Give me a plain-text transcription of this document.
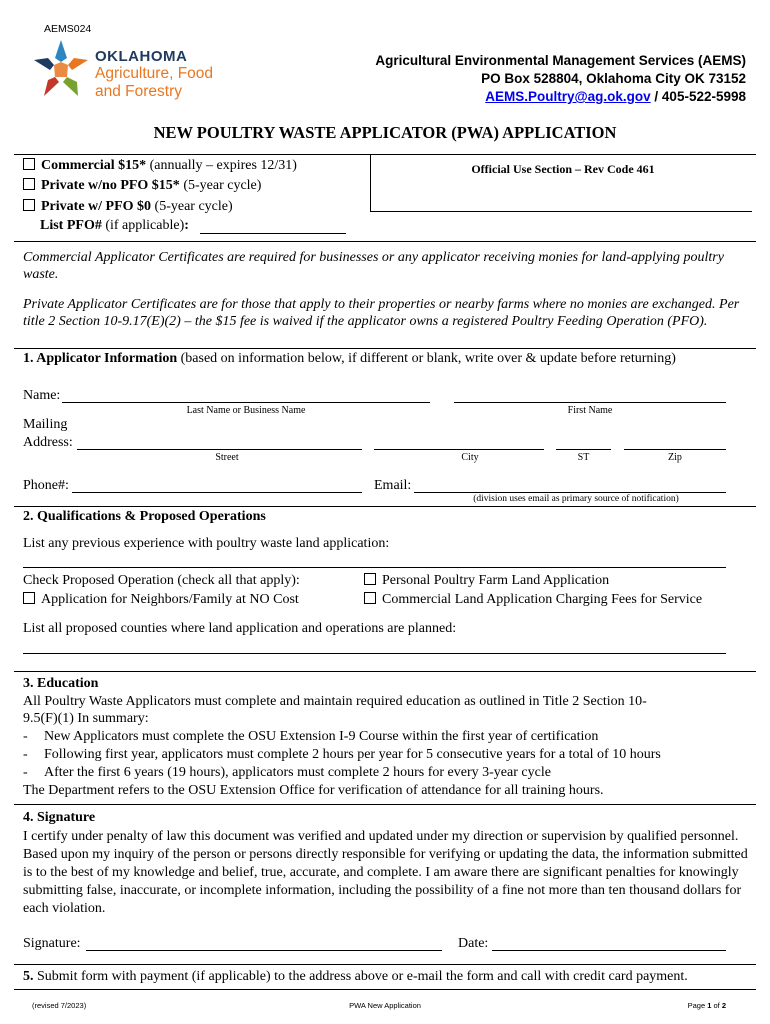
AEMS024
OKLAHOMA
Agriculture, Food
and Forestry
Agricultural Environmental Management Services (AEMS)
PO Box 528804, Oklahoma City OK 73152
AEMS.Poultry@ag.ok.gov / 405-522-5998
NEW POULTRY WASTE APPLICATOR (PWA) APPLICATION
Official Use Section – Rev Code 461
Commercial $15* (annually – expires 12/31)
Private w/no PFO $15* (5-year cycle)
Private w/ PFO $0 (5-year cycle)
List PFO# (if applicable):
Commercial Applicator Certificates are required for businesses or any applicator receiving monies for land-applying poultry waste.
Private Applicator Certificates are for those that apply to their properties or nearby farms where no monies are exchanged. Per title 2 Section 10-9.17(E)(2) – the $15 fee is waived if the applicator owns a registered Poultry Feeding Operation (PFO).
1. Applicator Information (based on information below, if different or blank, write over & update before returning)
Name:
Last Name or Business Name	First Name
Mailing
Address:
Street	City	ST	Zip
Phone#:	Email:
(division uses email as primary source of notification)
2. Qualifications & Proposed Operations
List any previous experience with poultry waste land application:
Check Proposed Operation (check all that apply):
Application for Neighbors/Family at NO Cost
Personal Poultry Farm Land Application
Commercial Land Application Charging Fees for Service
List all proposed counties where land application and operations are planned:
3. Education
All Poultry Waste Applicators must complete and maintain required education as outlined in Title 2 Section 10-
9.5(F)(1) In summary:
- New Applicators must complete the OSU Extension I-9 Course within the first year of certification
- Following first year, applicators must complete 2 hours per year for 5 consecutive years for a total of 10 hours
- After the first 6 years (19 hours), applicators must complete 2 hours for every 3-year cycle
The Department refers to the OSU Extension Office for verification of attendance for all training hours.
4. Signature
I certify under penalty of law this document was verified and updated under my direction or supervision by qualified personnel. Based upon my inquiry of the person or persons directly responsible for verifying or updating the data, the information submitted is to the best of my knowledge and belief, true, accurate, and complete. I am aware there are significant penalties for knowingly submitting false, inaccurate, or incomplete information, including the possibility of a fine not more than ten thousand dollars for each violation.
Signature:	Date:
5. Submit form with payment (if applicable) to the address above or e-mail the form and call with credit card payment.
(revised 7/2023)	PWA New Application	Page 1 of 2
